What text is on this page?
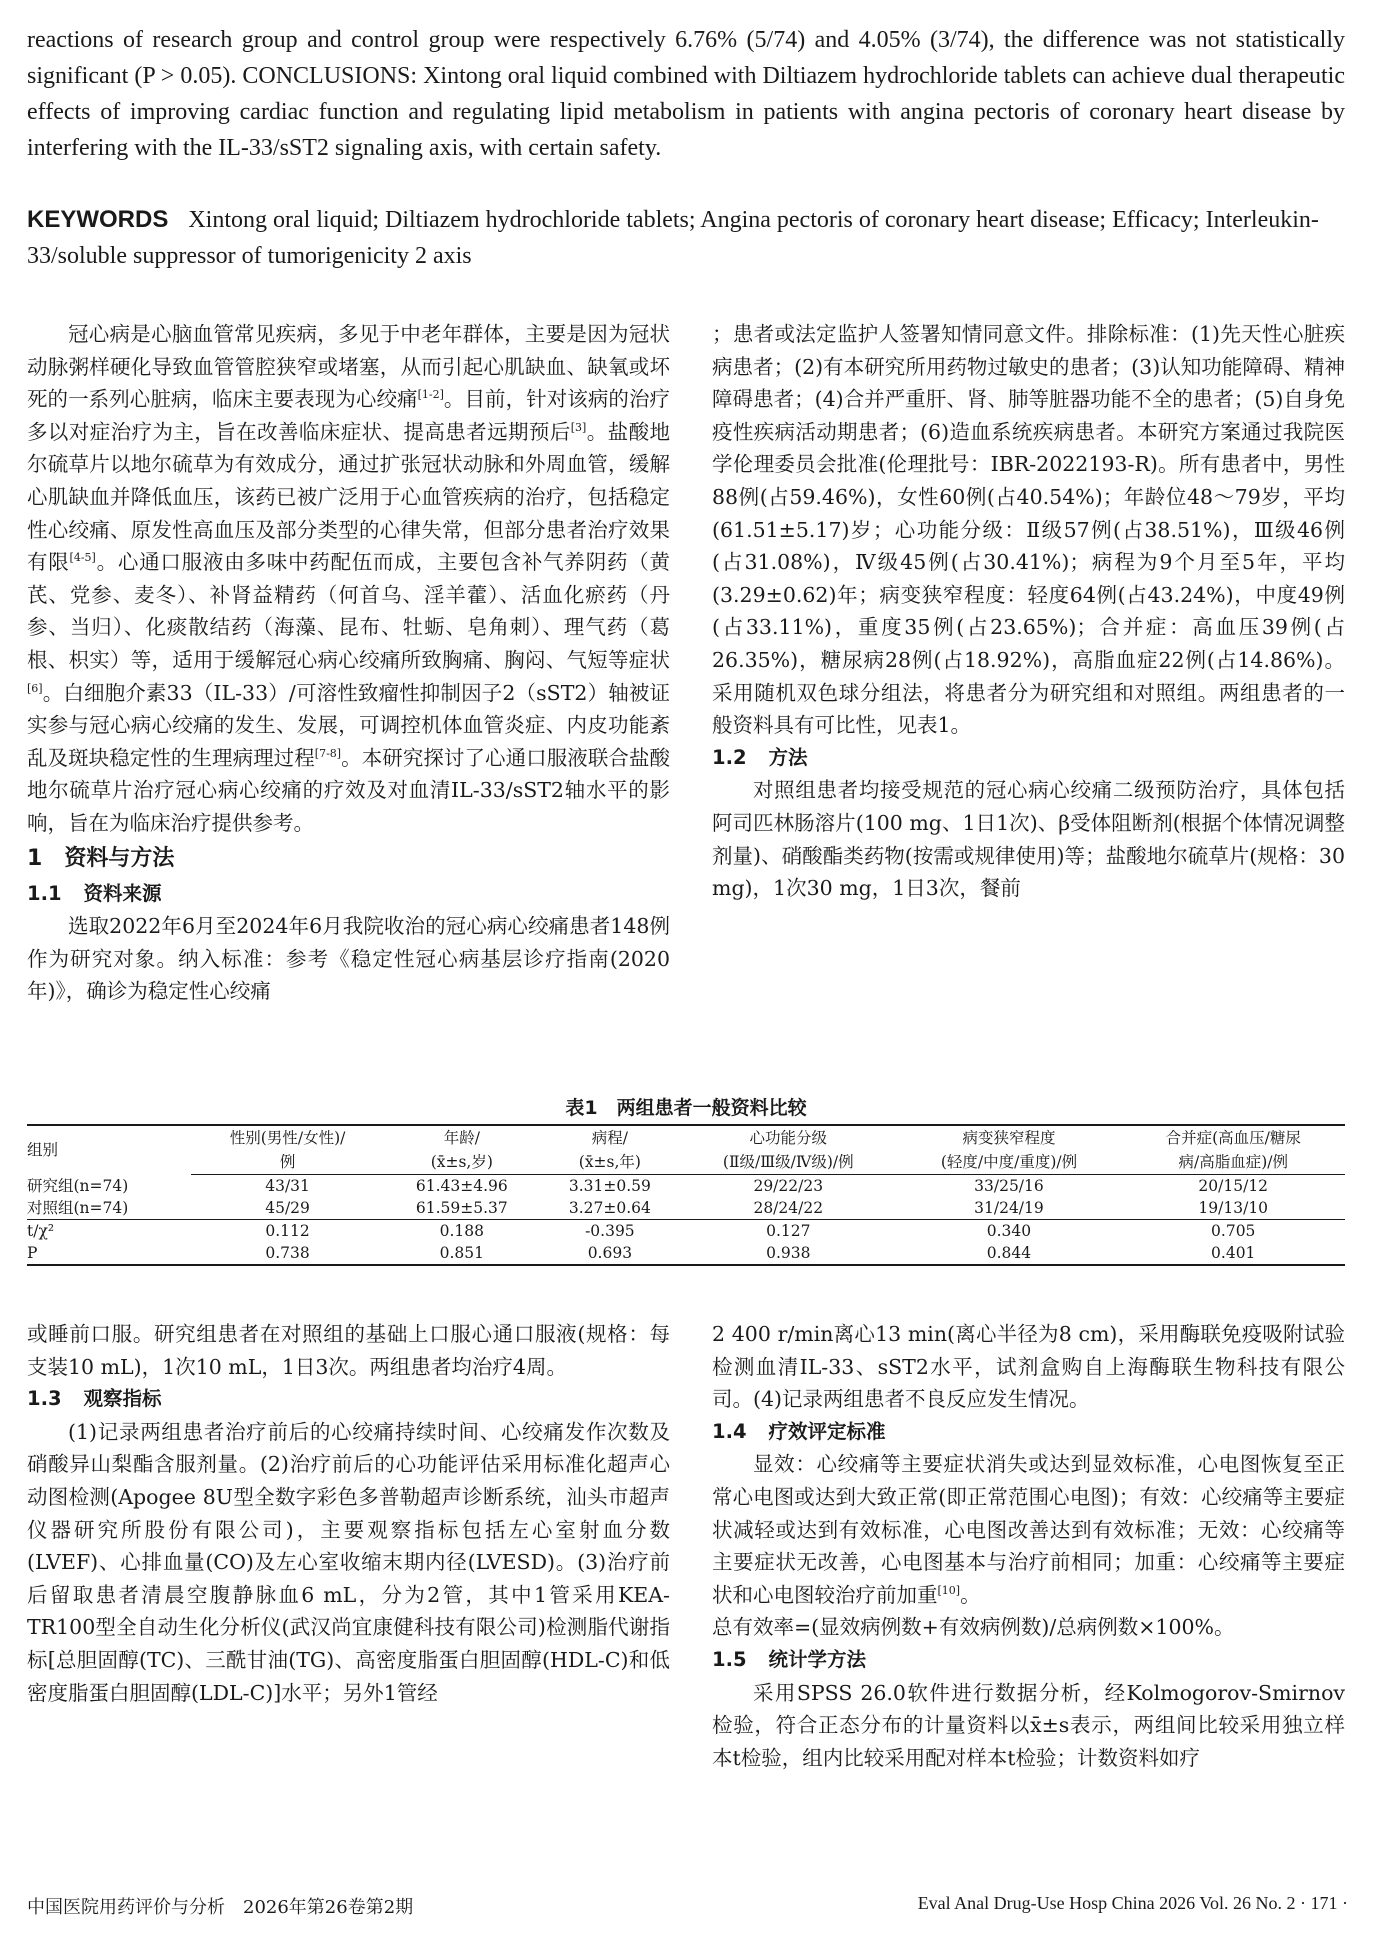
reactions of research group and control group were respectively 6.76% (5/74) and 4.05% (3/74), the difference was not statistically significant (P > 0.05). CONCLUSIONS: Xintong oral liquid combined with Diltiazem hydrochloride tablets can achieve dual therapeutic effects of improving cardiac function and regulating lipid metabolism in patients with angina pectoris of coronary heart disease by interfering with the IL-33/sST2 signaling axis, with certain safety.

KEYWORDS Xintong oral liquid; Diltiazem hydrochloride tablets; Angina pectoris of coronary heart disease; Efficacy; Interleukin-33/soluble suppressor of tumorigenicity 2 axis

冠心病是心脑血管常见疾病，多见于中老年群体，主要是因为冠状动脉粥样硬化导致血管管腔狭窄或堵塞，从而引起心肌缺血、缺氧或坏死的一系列心脏病，临床主要表现为心绞痛[1-2]。目前，针对该病的治疗多以对症治疗为主，旨在改善临床症状、提高患者远期预后[3]。盐酸地尔硫草片以地尔硫草为有效成分，通过扩张冠状动脉和外周血管，缓解心肌缺血并降低血压，该药已被广泛用于心血管疾病的治疗，包括稳定性心绞痛、原发性高血压及部分类型的心律失常，但部分患者治疗效果有限[4-5]。心通口服液由多味中药配伍而成，主要包含补气养阴药（黄芪、党参、麦冬）、补肾益精药（何首乌、淫羊藿）、活血化瘀药（丹参、当归）、化痰散结药（海藻、昆布、牡蛎、皂角刺）、理气药（葛根、枳实）等，适用于缓解冠心病心绞痛所致胸痛、胸闷、气短等症状[6]。白细胞介素33（IL-33）/可溶性致瘤性抑制因子2（sST2）轴被证实参与冠心病心绞痛的发生、发展，可调控机体血管炎症、内皮功能紊乱及斑块稳定性的生理病理过程[7-8]。本研究探讨了心通口服液联合盐酸地尔硫草片治疗冠心病心绞痛的疗效及对血清IL-33/sST2轴水平的影响，旨在为临床治疗提供参考。

1 资料与方法
1.1 资料来源

选取2022年6月至2024年6月我院收治的冠心病心绞痛患者148例作为研究对象。纳入标准：参考《稳定性冠心病基层诊疗指南(2020年)》，确诊为稳定性心绞痛

；患者或法定监护人签署知情同意文件。排除标准：(1)先天性心脏疾病患者；(2)有本研究所用药物过敏史的患者；(3)认知功能障碍、精神障碍患者；(4)合并严重肝、肾、肺等脏器功能不全的患者；(5)自身免疫性疾病活动期患者；(6)造血系统疾病患者。本研究方案通过我院医学伦理委员会批准(伦理批号：IBR-2022193-R)。所有患者中，男性88例(占59.46%)，女性60例(占40.54%)；年龄位48～79岁，平均(61.51±5.17)岁；心功能分级：Ⅱ级57例(占38.51%)，Ⅲ级46例(占31.08%)，Ⅳ级45例(占30.41%)；病程为9个月至5年，平均(3.29±0.62)年；病变狭窄程度：轻度64例(占43.24%)，中度49例(占33.11%)，重度35例(占23.65%)；合并症：高血压39例(占26.35%)，糖尿病28例(占18.92%)，高脂血症22例(占14.86%)。采用随机双色球分组法，将患者分为研究组和对照组。两组患者的一般资料具有可比性，见表1。

1.2 方法

对照组患者均接受规范的冠心病心绞痛二级预防治疗，具体包括阿司匹林肠溶片(100 mg、1日1次)、β受体阻断剂(根据个体情况调整剂量)、硝酸酯类药物(按需或规律使用)等；盐酸地尔硫草片(规格：30 mg)，1次30 mg，1日3次，餐前

表1　两组患者一般资料比较
组别	性别(男性/女性)/	年龄/	病程/	心功能分级	病变狭窄程度	合并症(高血压/糖尿
	例	(x̄±s,岁)	(x̄±s,年)	(Ⅱ级/Ⅲ级/Ⅳ级)/例	(轻度/中度/重度)/例	病/高脂血症)/例
研究组(n=74)	43/31	61.43±4.96	3.31±0.59	29/22/23	33/25/16	20/15/12
对照组(n=74)	45/29	61.59±5.37	3.27±0.64	28/24/22	31/24/19	19/13/10
t/χ²	0.112	0.188	-0.395	0.127	0.340	0.705
P	0.738	0.851	0.693	0.938	0.844	0.401

或睡前口服。研究组患者在对照组的基础上口服心通口服液(规格：每支装10 mL)，1次10 mL，1日3次。两组患者均治疗4周。

1.3 观察指标

(1)记录两组患者治疗前后的心绞痛持续时间、心绞痛发作次数及硝酸异山梨酯含服剂量。(2)治疗前后的心功能评估采用标准化超声心动图检测(Apogee 8U型全数字彩色多普勒超声诊断系统，汕头市超声仪器研究所股份有限公司)，主要观察指标包括左心室射血分数(LVEF)、心排血量(CO)及左心室收缩末期内径(LVESD)。(3)治疗前后留取患者清晨空腹静脉血6 mL，分为2管，其中1管采用KEA-TR100型全自动生化分析仪(武汉尚宜康健科技有限公司)检测脂代谢指标[总胆固醇(TC)、三酰甘油(TG)、高密度脂蛋白胆固醇(HDL-C)和低密度脂蛋白胆固醇(LDL-C)]水平；另外1管经

2 400 r/min离心13 min(离心半径为8 cm)，采用酶联免疫吸附试验检测血清IL-33、sST2水平，试剂盒购自上海酶联生物科技有限公司。(4)记录两组患者不良反应发生情况。

1.4 疗效评定标准

显效：心绞痛等主要症状消失或达到显效标准，心电图恢复至正常心电图或达到大致正常(即正常范围心电图)；有效：心绞痛等主要症状减轻或达到有效标准，心电图改善达到有效标准；无效：心绞痛等主要症状无改善，心电图基本与治疗前相同；加重：心绞痛等主要症状和心电图较治疗前加重[10]。

总有效率=(显效病例数+有效病例数)/总病例数×100%。

1.5 统计学方法

采用SPSS 26.0软件进行数据分析，经Kolmogorov-Smirnov检验，符合正态分布的计量资料以x̄±s表示，两组间比较采用独立样本t检验，组内比较采用配对样本t检验；计数资料如疗

中国医院用药评价与分析　2026年第26卷第2期	Eval Anal Drug-Use Hosp China 2026 Vol. 26 No. 2 · 171 ·
